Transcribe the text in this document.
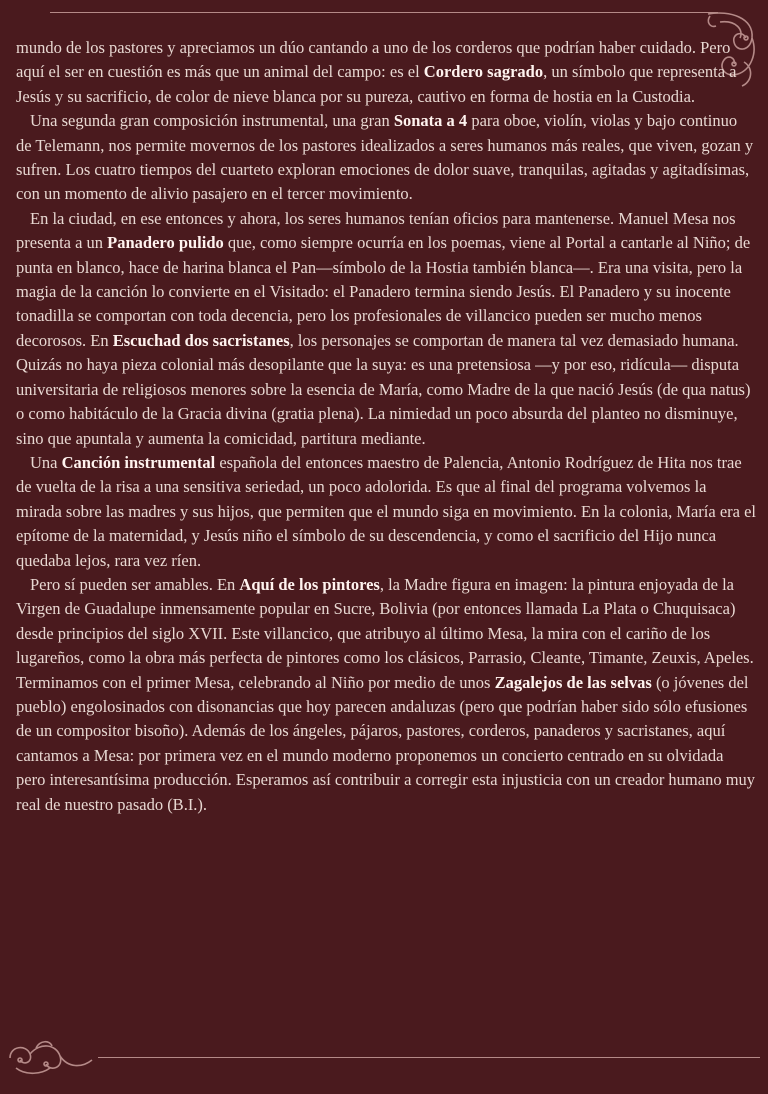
mundo de los pastores y apreciamos un dúo cantando a uno de los corderos que podrían haber cuidado. Pero aquí el ser en cuestión es más que un animal del campo: es el Cordero sagrado, un símbolo que representa a Jesús y su sacrificio, de color de nieve blanca por su pureza, cautivo en forma de hostia en la Custodia.

Una segunda gran composición instrumental, una gran Sonata a 4 para oboe, violín, violas y bajo continuo de Telemann, nos permite movernos de los pastores idealizados a seres humanos más reales, que viven, gozan y sufren. Los cuatro tiempos del cuarteto exploran emociones de dolor suave, tranquilas, agitadas y agitadísimas, con un momento de alivio pasajero en el tercer movimiento.

En la ciudad, en ese entonces y ahora, los seres humanos tenían oficios para mantenerse. Manuel Mesa nos presenta a un Panadero pulido que, como siempre ocurría en los poemas, viene al Portal a cantarle al Niño; de punta en blanco, hace de harina blanca el Pan—símbolo de la Hostia también blanca—. Era una visita, pero la magia de la canción lo convierte en el Visitado: el Panadero termina siendo Jesús. El Panadero y su inocente tonadilla se comportan con toda decencia, pero los profesionales de villancico pueden ser mucho menos decorosos. En Escuchad dos sacristanes, los personajes se comportan de manera tal vez demasiado humana. Quizás no haya pieza colonial más desopilante que la suya: es una pretensiosa —y por eso, ridícula— disputa universitaria de religiosos menores sobre la esencia de María, como Madre de la que nació Jesús (de qua natus) o como habitáculo de la Gracia divina (gratia plena). La nimiedad un poco absurda del planteo no disminuye, sino que apuntala y aumenta la comicidad, partitura mediante.

Una Canción instrumental española del entonces maestro de Palencia, Antonio Rodríguez de Hita nos trae de vuelta de la risa a una sensitiva seriedad, un poco adolorida. Es que al final del programa volvemos la mirada sobre las madres y sus hijos, que permiten que el mundo siga en movimiento. En la colonia, María era el epítome de la maternidad, y Jesús niño el símbolo de su descendencia, y como el sacrificio del Hijo nunca quedaba lejos, rara vez ríen.

Pero sí pueden ser amables. En Aquí de los pintores, la Madre figura en imagen: la pintura enjoyada de la Virgen de Guadalupe inmensamente popular en Sucre, Bolivia (por entonces llamada La Plata o Chuquisaca) desde principios del siglo XVII. Este villancico, que atribuyo al último Mesa, la mira con el cariño de los lugareños, como la obra más perfecta de pintores como los clásicos, Parrasio, Cleante, Timante, Zeuxis, Apeles. Terminamos con el primer Mesa, celebrando al Niño por medio de unos Zagalejos de las selvas (o jóvenes del pueblo) engolosinados con disonancias que hoy parecen andaluzas (pero que podrían haber sido sólo efusiones de un compositor bisoño). Además de los ángeles, pájaros, pastores, corderos, panaderos y sacristanes, aquí cantamos a Mesa: por primera vez en el mundo moderno proponemos un concierto centrado en su olvidada pero interesantísima producción. Esperamos así contribuir a corregir esta injusticia con un creador humano muy real de nuestro pasado (B.I.).
